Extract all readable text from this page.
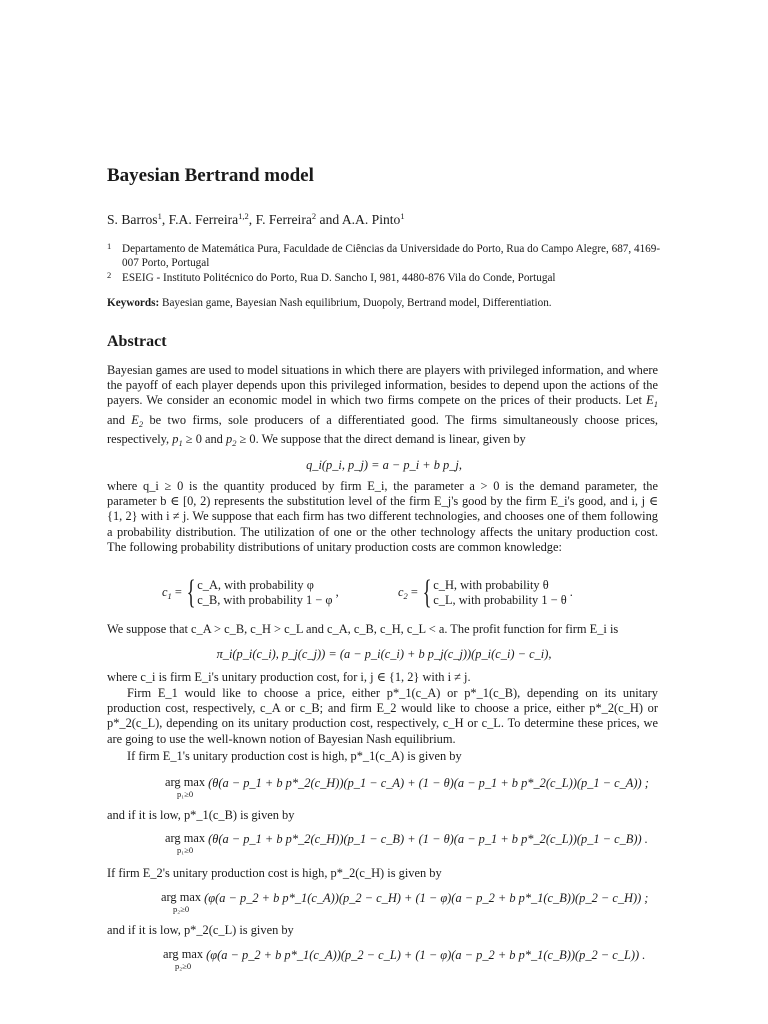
Bayesian Bertrand model
S. Barros$^1$, F.A. Ferreira$^{1,2}$, F. Ferreira$^2$ and A.A. Pinto$^1$
1 Departamento de Matemática Pura, Faculdade de Ciências da Universidade do Porto, Rua do Campo Alegre, 687, 4169-007 Porto, Portugal
2 ESEIG - Instituto Politécnico do Porto, Rua D. Sancho I, 981, 4480-876 Vila do Conde, Portugal
Keywords: Bayesian game, Bayesian Nash equilibrium, Duopoly, Bertrand model, Differentiation.
Abstract
Bayesian games are used to model situations in which there are players with privileged information, and where the payoff of each player depends upon this privileged information, besides to depend upon the actions of the payers. We consider an economic model in which two firms compete on the prices of their products. Let $E_1$ and $E_2$ be two firms, sole producers of a differentiated good. The firms simultaneously choose prices, respectively, $p_1 \ge 0$ and $p_2 \ge 0$. We suppose that the direct demand is linear, given by
q_i(p_i, p_j) = a − p_i + b p_j,
where q_i ≥ 0 is the quantity produced by firm E_i, the parameter a > 0 is the demand parameter, the parameter b ∈ [0, 2) represents the substitution level of the firm E_j's good by the firm E_i's good, and i, j ∈ {1, 2} with i ≠ j. We suppose that each firm has two different technologies, and chooses one of them following a probability distribution. The utilization of one or the other technology affects the unitary production cost. The following probability distributions of unitary production costs are common knowledge:
$c_1$ = { c_A, with probability φ
c_B, with probability 1 − φ ,	$c_2$ = { c_H, with probability θ
c_L, with probability 1 − θ .
We suppose that c_A > c_B, c_H > c_L and c_A, c_B, c_H, c_L < a. The profit function for firm E_i is
π_i(p_i(c_i), p_j(c_j)) = (a − p_i(c_i) + b p_j(c_j))(p_i(c_i) − c_i),
where c_i is firm E_i's unitary production cost, for i, j ∈ {1, 2} with i ≠ j.
Firm E_1 would like to choose a price, either p*_1(c_A) or p*_1(c_B), depending on its unitary production cost, respectively, c_A or c_B; and firm E_2 would like to choose a price, either p*_2(c_H) or p*_2(c_L), depending on its unitary production cost, respectively, c_H or c_L. To determine these prices, we are going to use the well-known notion of Bayesian Nash equilibrium.
If firm E_1's unitary production cost is high, p*_1(c_A) is given by
arg max
p₁≥0
(θ(a − p_1 + b p*_2(c_H))(p_1 − c_A) + (1 − θ)(a − p_1 + b p*_2(c_L))(p_1 − c_A)) ;
and if it is low, p*_1(c_B) is given by
arg max
p₁≥0
(θ(a − p_1 + b p*_2(c_H))(p_1 − c_B) + (1 − θ)(a − p_1 + b p*_2(c_L))(p_1 − c_B)) .
If firm E_2's unitary production cost is high, p*_2(c_H) is given by
arg max
p₂≥0
(φ(a − p_2 + b p*_1(c_A))(p_2 − c_H) + (1 − φ)(a − p_2 + b p*_1(c_B))(p_2 − c_H)) ;
and if it is low, p*_2(c_L) is given by
arg max
p₂≥0
(φ(a − p_2 + b p*_1(c_A))(p_2 − c_L) + (1 − φ)(a − p_2 + b p*_1(c_B))(p_2 − c_L)) .
